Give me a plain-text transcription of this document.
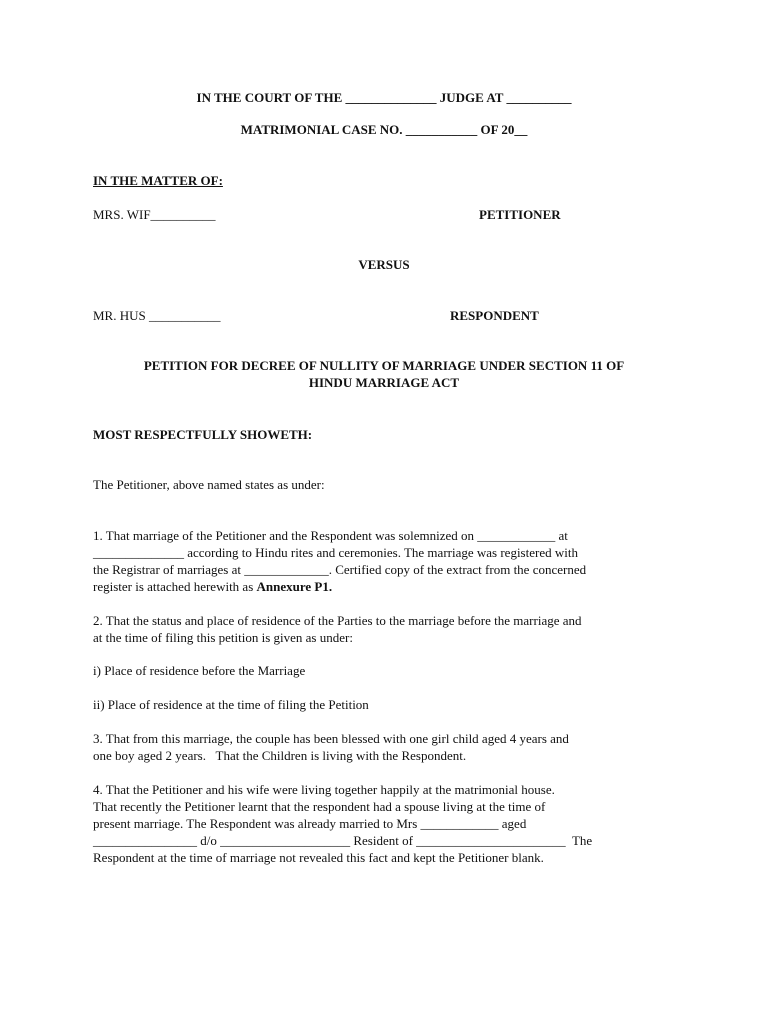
IN THE COURT OF THE ______________ JUDGE AT __________
MATRIMONIAL CASE NO. ___________ OF 20__
IN THE MATTER OF:
MRS. WIF__________	PETITIONER
VERSUS
MR. HUS ___________	RESPONDENT
PETITION FOR DECREE OF NULLITY OF MARRIAGE UNDER SECTION 11 OF
HINDU MARRIAGE ACT
MOST RESPECTFULLY SHOWETH:
The Petitioner, above named states as under:
1. That marriage of the Petitioner and the Respondent was solemnized on ____________ at
______________ according to Hindu rites and ceremonies. The marriage was registered with
the Registrar of marriages at _____________. Certified copy of the extract from the concerned
register is attached herewith as Annexure P1.
2. That the status and place of residence of the Parties to the marriage before the marriage and
at the time of filing this petition is given as under:
i) Place of residence before the Marriage
ii) Place of residence at the time of filing the Petition
3. That from this marriage, the couple has been blessed with one girl child aged 4 years and
one boy aged 2 years.   That the Children is living with the Respondent.
4. That the Petitioner and his wife were living together happily at the matrimonial house.
That recently the Petitioner learnt that the respondent had a spouse living at the time of
present marriage. The Respondent was already married to Mrs ____________ aged
________________ d/o ____________________ Resident of _______________________  The
Respondent at the time of marriage not revealed this fact and kept the Petitioner blank.
